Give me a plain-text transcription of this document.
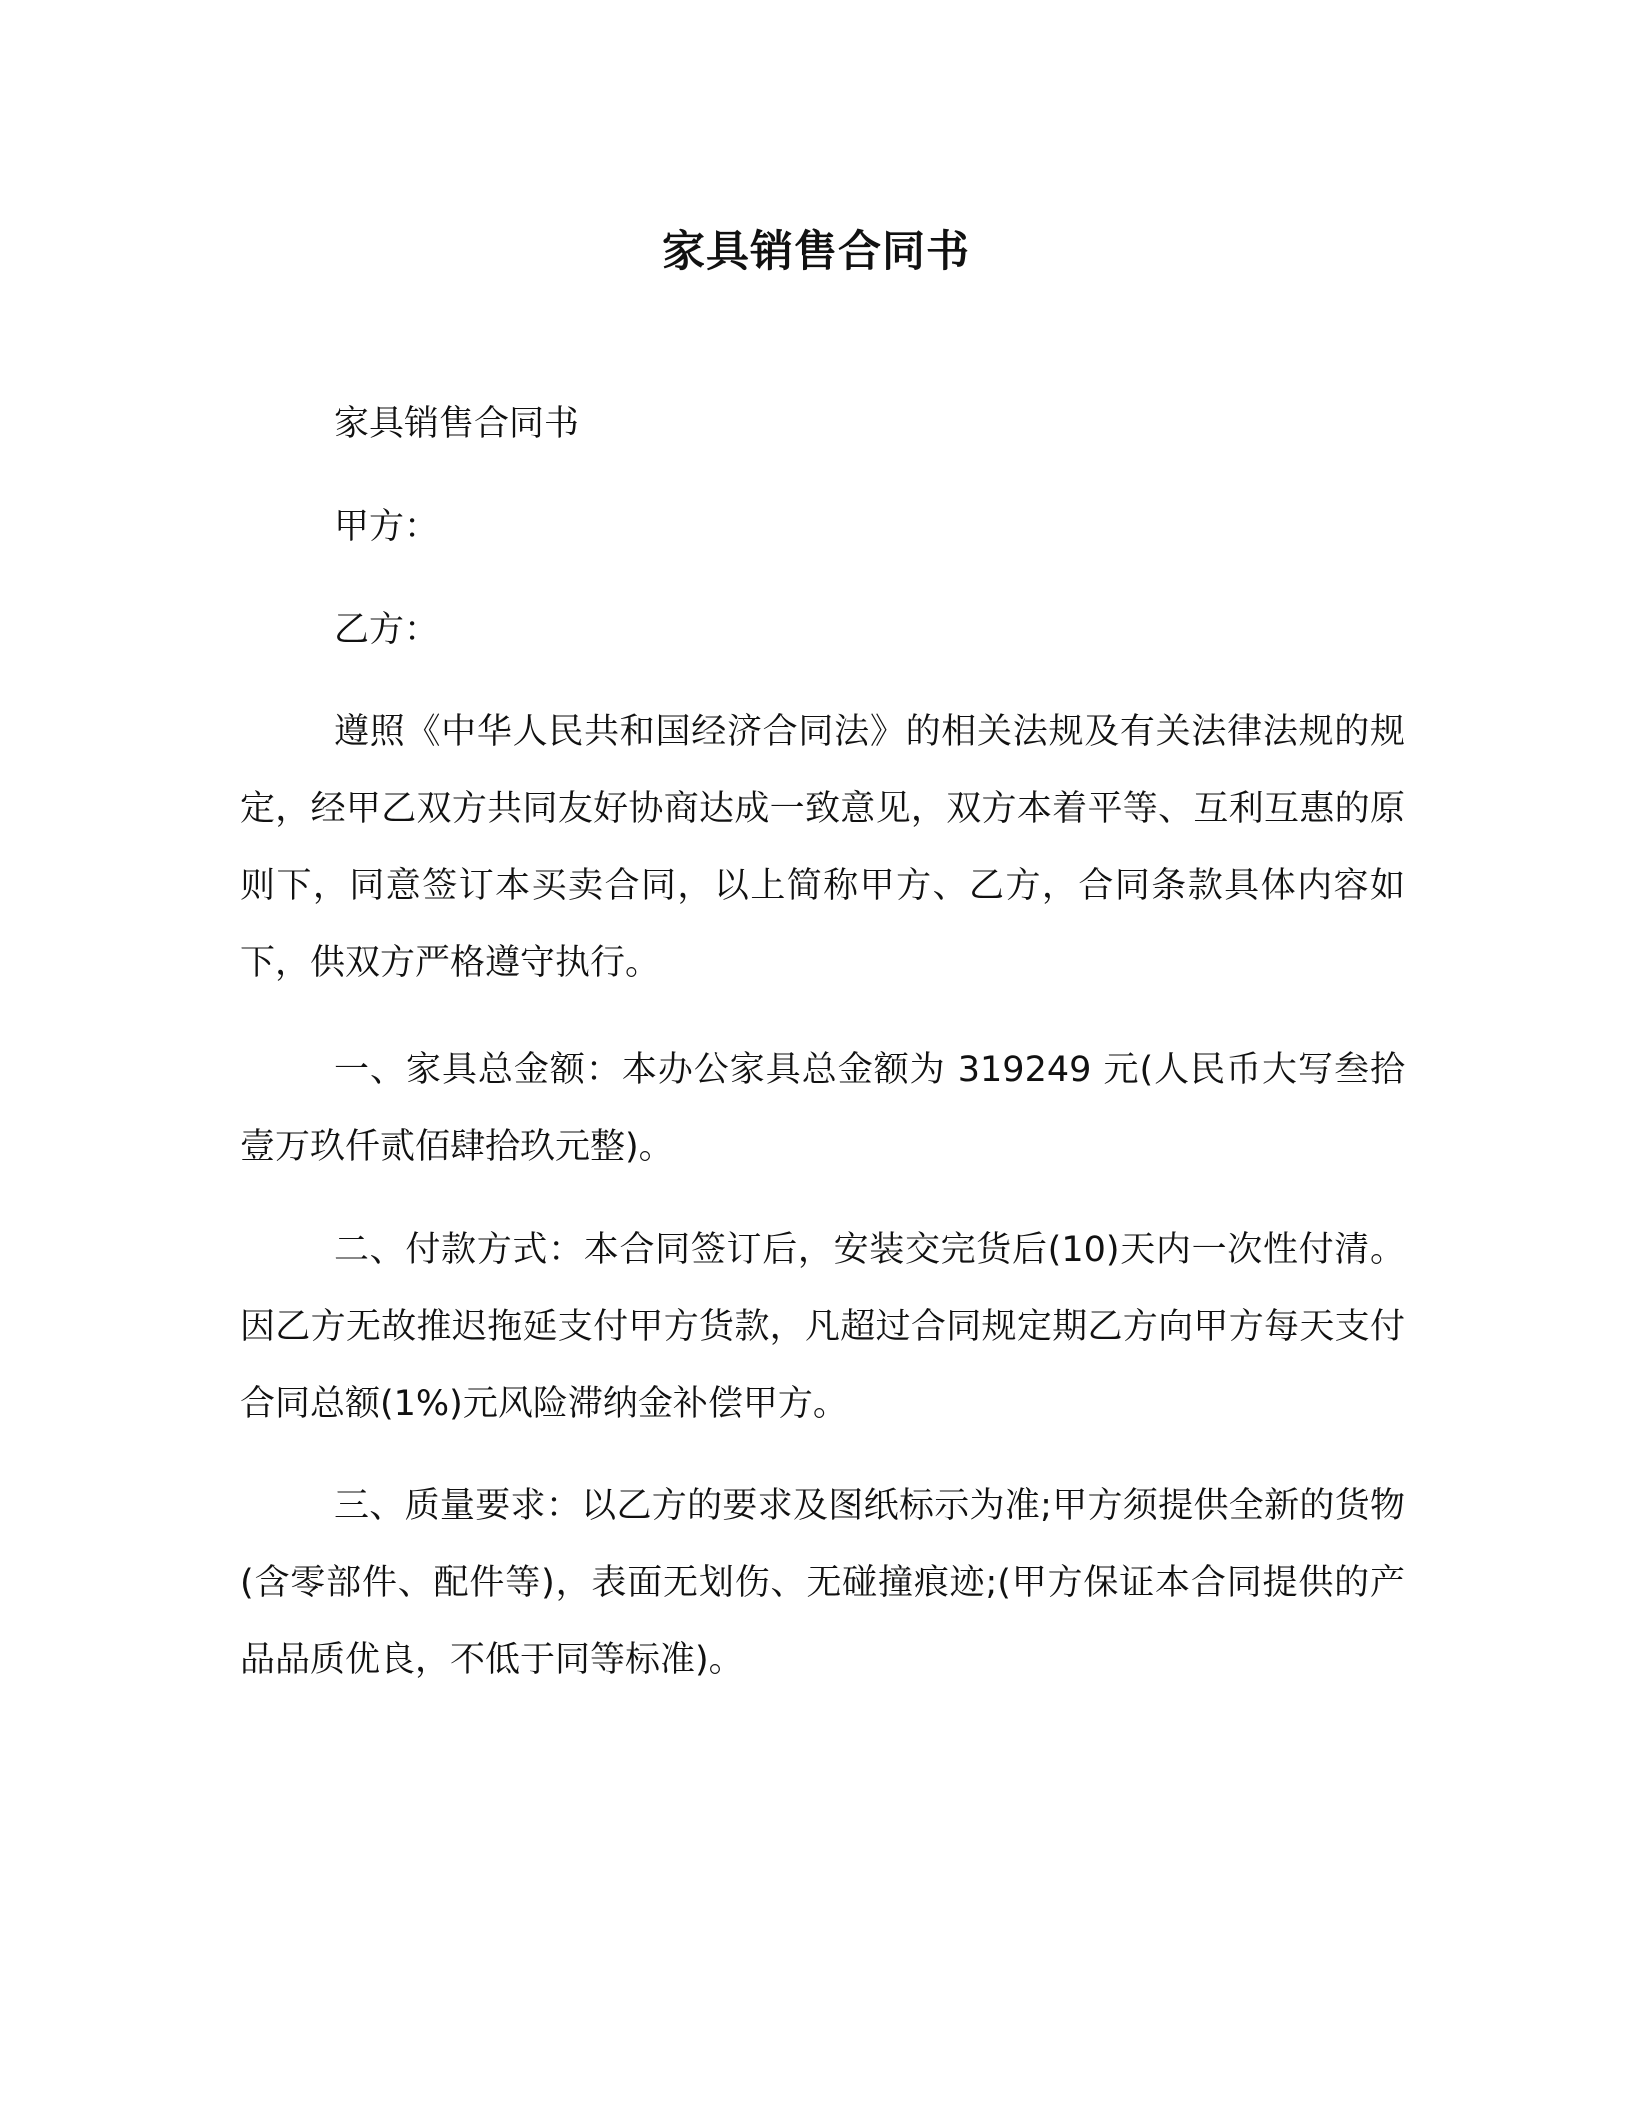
家具销售合同书
家具销售合同书
甲方：
乙方：

遵照《中华人民共和国经济合同法》的相关法规及有关法律法规的规定，经甲乙双方共同友好协商达成一致意见，双方本着平等、互利互惠的原则下，同意签订本买卖合同，以上简称甲方、乙方，合同条款具体内容如下，供双方严格遵守执行。

一、家具总金额：本办公家具总金额为 319249 元(人民币大写叁拾壹万玖仟贰佰肆拾玖元整)。

二、付款方式：本合同签订后，安装交完货后(10)天内一次性付清。因乙方无故推迟拖延支付甲方货款，凡超过合同规定期乙方向甲方每天支付合同总额(1%)元风险滞纳金补偿甲方。

三、质量要求：以乙方的要求及图纸标示为准;甲方须提供全新的货物(含零部件、配件等)，表面无划伤、无碰撞痕迹;(甲方保证本合同提供的产品品质优良，不低于同等标准)。
